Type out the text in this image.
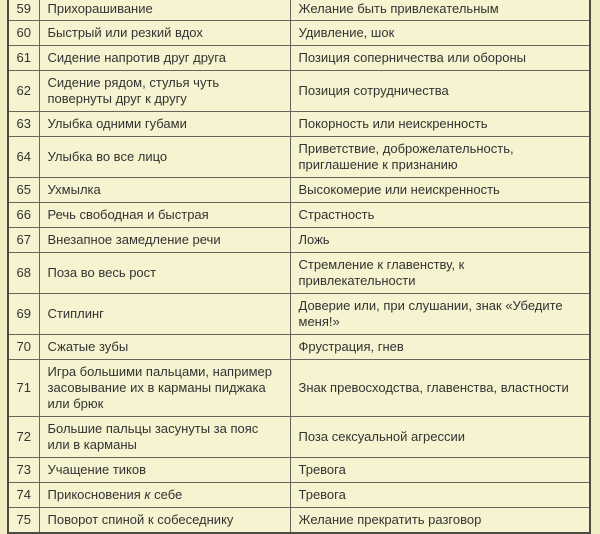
59	Прихорашивание	Желание быть привлекательным
60	Быстрый или резкий вдох	Удивление, шок
61	Сидение напротив друг друга	Позиция соперничества или обороны
62	Сидение рядом, стулья чуть повернуты друг к другу	Позиция сотрудничества
63	Улыбка одними губами	Покорность или неискренность
64	Улыбка во все лицо	Приветствие, доброжелательность, приглашение к признанию
65	Ухмылка	Высокомерие или неискренность
66	Речь свободная и быстрая	Страстность
67	Внезапное замедление речи	Ложь
68	Поза во весь рост	Стремление к главенству, к привлекательности
69	Стиплинг	Доверие или, при слушании, знак «Убедите меня!»
70	Сжатые зубы	Фрустрация, гнев
71	Игра большими пальцами, например засовывание их в карманы пиджака или брюк	Знак превосходства, главенства, властности
72	Большие пальцы засунуты за пояс или в карманы	Поза сексуальной агрессии
73	Учащение тиков	Тревога
74	Прикосновения к себе	Тревога
75	Поворот спиной к собеседнику	Желание прекратить разговор
